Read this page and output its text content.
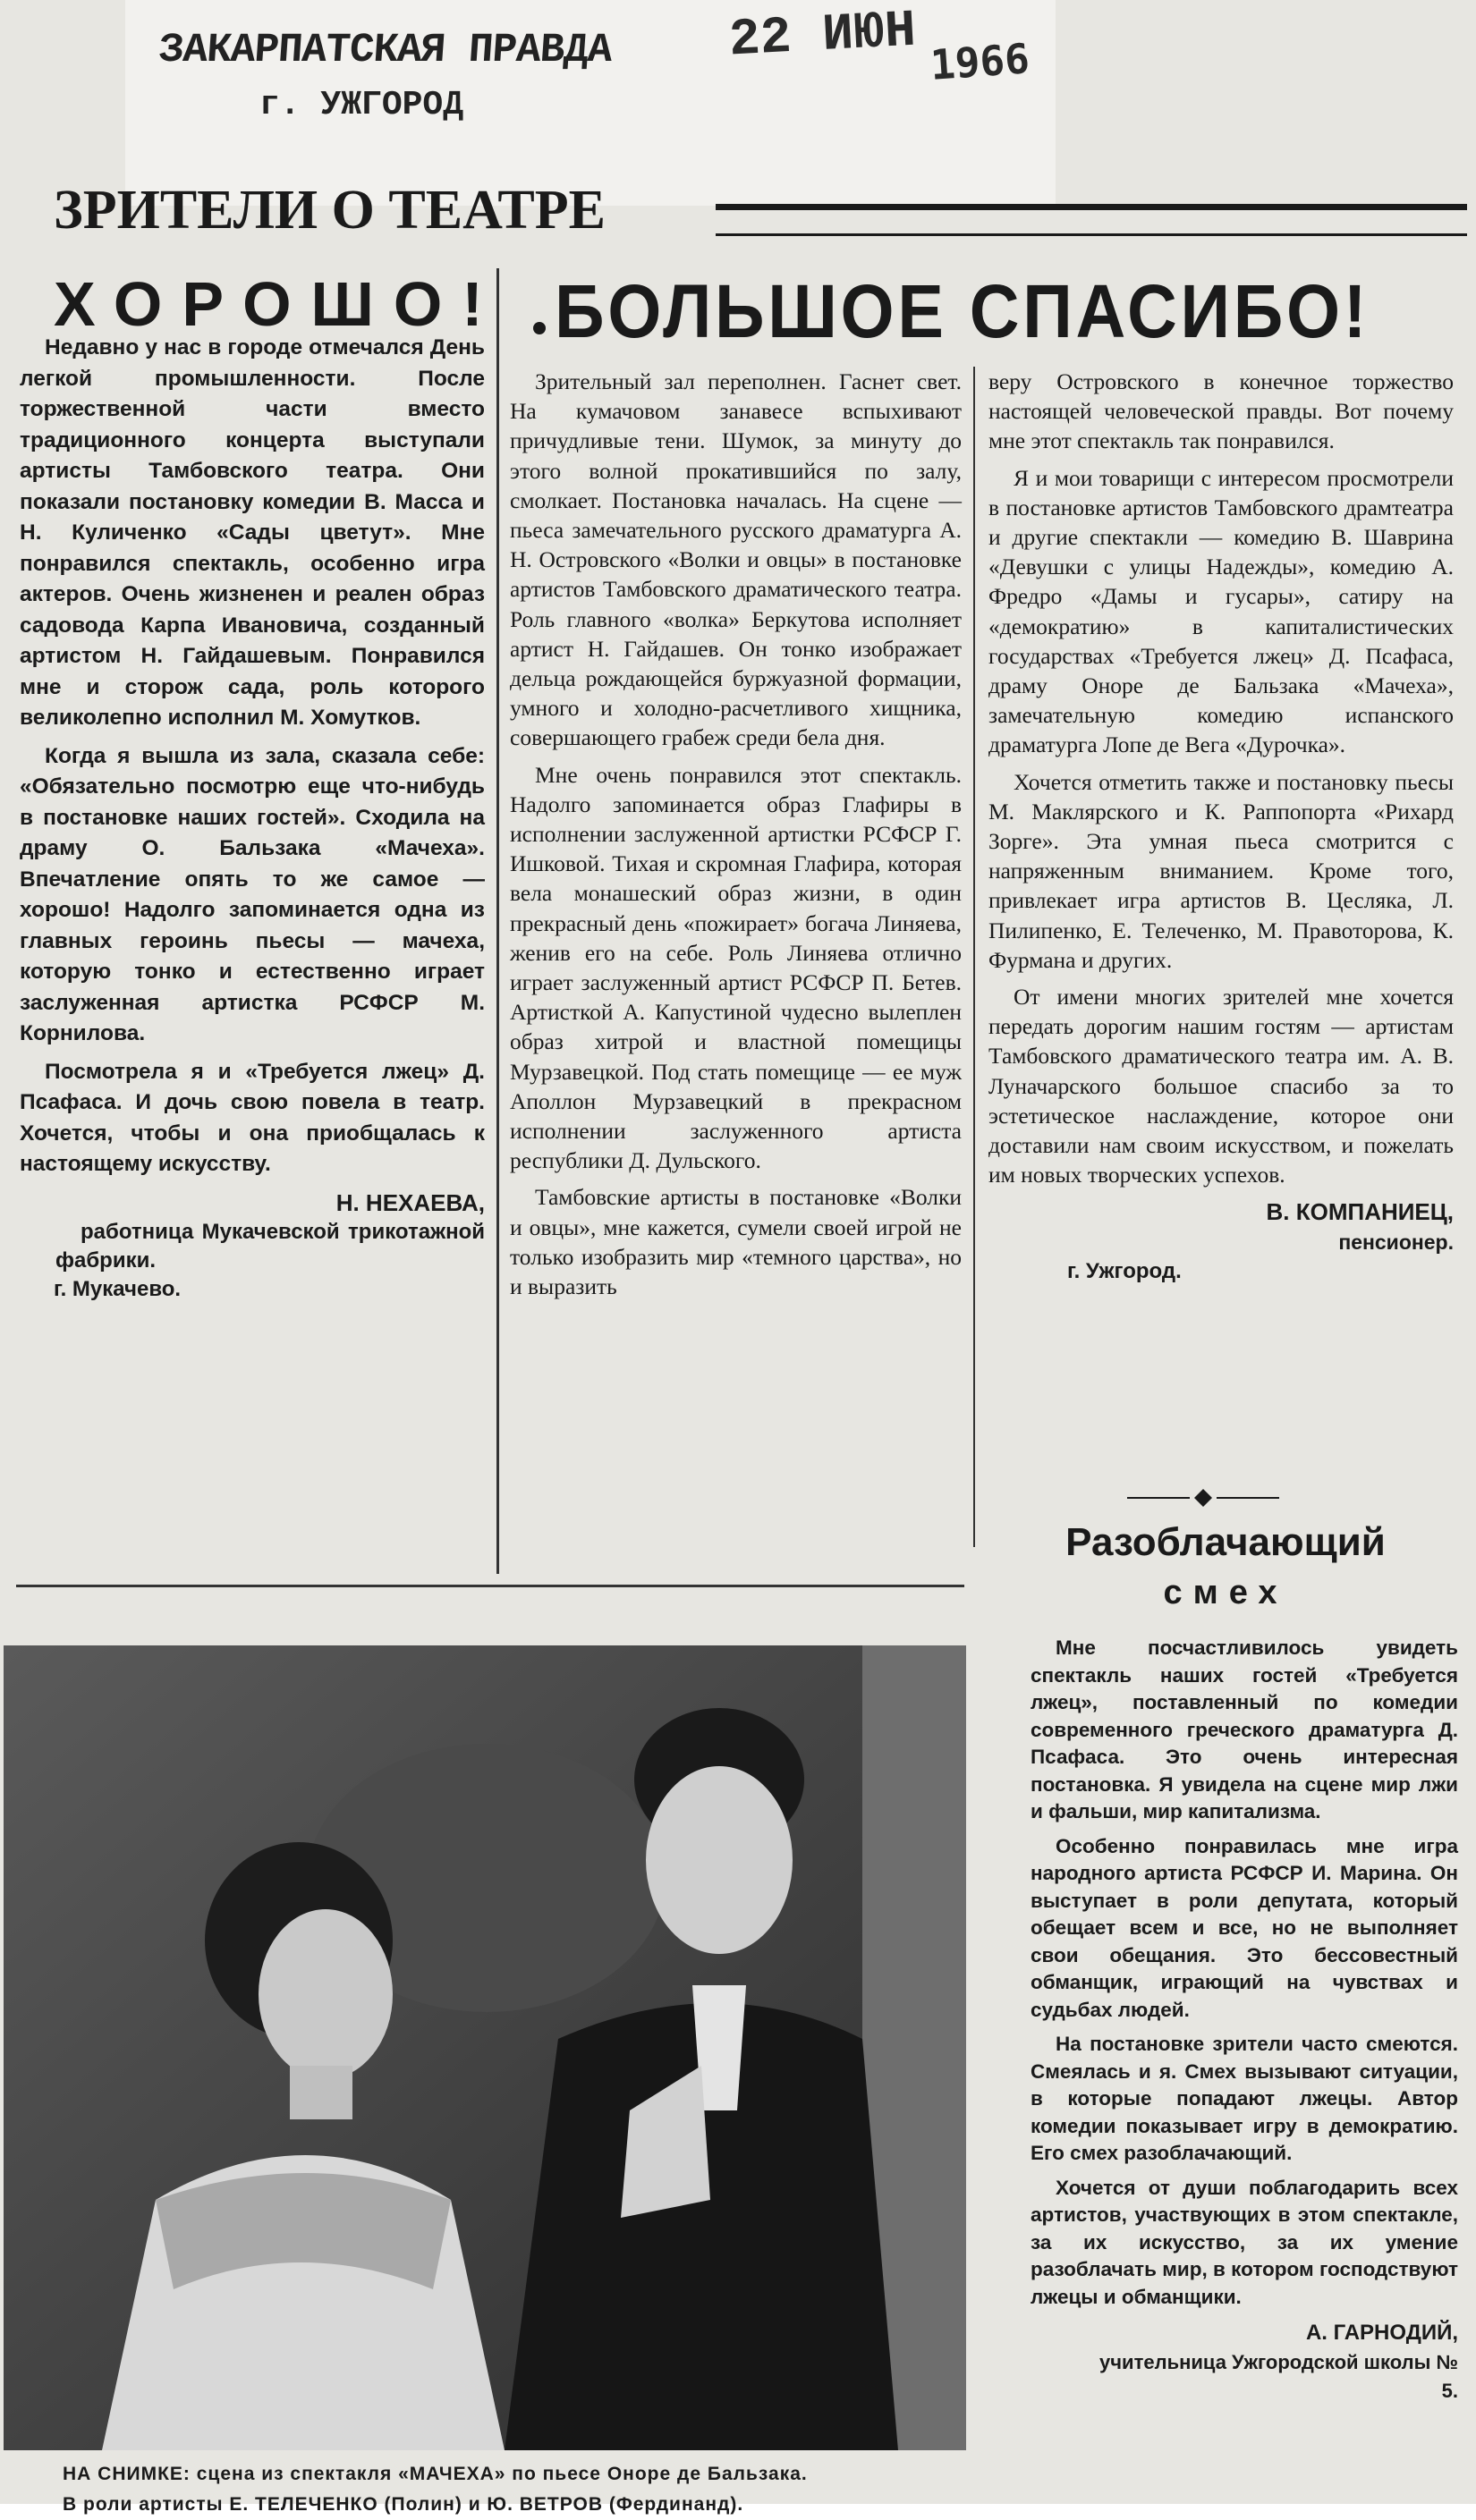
ЗАКАРПАТСКАЯ ПРАВДА
г. УЖГОРОД
22 ИЮН 1966
ЗРИТЕЛИ О ТЕАТРЕ
ХОРОШО!

Недавно у нас в городе отмечался День легкой промышленности. После торжественной части вместо традиционного концерта выступали артисты Тамбовского театра. Они показали постановку комедии В. Масса и Н. Куличенко «Сады цветут». Мне понравился спектакль, особенно игра актеров. Очень жизненен и реален образ садовода Карпа Ивановича, созданный артистом Н. Гайдашевым. Понравился мне и сторож сада, роль которого великолепно исполнил М. Хомутков.

Когда я вышла из зала, сказала себе: «Обязательно посмотрю еще что-нибудь в постановке наших гостей». Сходила на драму О. Бальзака «Мачеха». Впечатление опять то же самое — хорошо! Надолго запоминается одна из главных героинь пьесы — мачеха, которую тонко и естественно играет заслуженная артистка РСФСР М. Корнилова.

Посмотрела я и «Требуется лжец» Д. Псафаса. И дочь свою повела в театр. Хочется, чтобы и она приобщалась к настоящему искусству.

Н. НЕХАЕВА,

работница Мукачевской трикотажной фабрики.

г. Мукачево.

БОЛЬШОЕ СПАСИБО!

Зрительный зал переполнен. Гаснет свет. На кумачовом занавесе вспыхивают причудливые тени. Шумок, за минуту до этого волной прокатившийся по залу, смолкает. Постановка началась. На сцене — пьеса замечательного русского драматурга А. Н. Островского «Волки и овцы» в постановке артистов Тамбовского драматического театра. Роль главного «волка» Беркутова исполняет артист Н. Гайдашев. Он тонко изображает дельца рождающейся буржуазной формации, умного и холодно-расчетливого хищника, совершающего грабеж среди бела дня.

Мне очень понравился этот спектакль. Надолго запоминается образ Глафиры в исполнении заслуженной артистки РСФСР Г. Ишковой. Тихая и скромная Глафира, которая вела монашеский образ жизни, в один прекрасный день «пожирает» богача Линяева, женив его на себе. Роль Линяева отлично играет заслуженный артист РСФСР П. Бетев. Артисткой А. Капустиной чудесно вылеплен образ хитрой и властной помещицы Мурзавецкой. Под стать помещице — ее муж Аполлон Мурзавецкий в прекрасном исполнении заслуженного артиста республики Д. Дульского.

Тамбовские артисты в постановке «Волки и овцы», мне кажется, сумели своей игрой не только изобразить мир «темного царства», но и выразить

веру Островского в конечное торжество настоящей человеческой правды. Вот почему мне этот спектакль так понравился.

Я и мои товарищи с интересом просмотрели в постановке артистов Тамбовского драмтеатра и другие спектакли — комедию В. Шаврина «Девушки с улицы Надежды», комедию А. Фредро «Дамы и гусары», сатиру на «демократию» в капиталистических государствах «Требуется лжец» Д. Псафаса, драму Оноре де Бальзака «Мачеха», замечательную комедию испанского драматурга Лопе де Вега «Дурочка».

Хочется отметить также и постановку пьесы М. Маклярского и К. Раппопорта «Рихард Зорге». Эта умная пьеса смотрится с напряженным вниманием. Кроме того, привлекает игра артистов В. Цесляка, Л. Пилипенко, Е. Телеченко, М. Правоторова, К. Фурмана и других.

От имени многих зрителей мне хочется передать дорогим нашим гостям — артистам Тамбовского драматического театра им. А. В. Луначарского большое спасибо за то эстетическое наслаждение, которое они доставили нам своим искусством, и пожелать им новых творческих успехов.

В. КОМПАНИЕЦ,

пенсионер.

г. Ужгород.

Разоблачающий
смех

Мне посчастливилось увидеть спектакль наших гостей «Требуется лжец», поставленный по комедии современного греческого драматурга Д. Псафаса. Это очень интересная постановка. Я увидела на сцене мир лжи и фальши, мир капитализма.

Особенно понравилась мне игра народного артиста РСФСР И. Марина. Он выступает в роли депутата, который обещает всем и все, но не выполняет свои обещания. Это бессовестный обманщик, играющий на чувствах и судьбах людей.

На постановке зрители часто смеются. Смеялась и я. Смех вызывают ситуации, в которые попадают лжецы. Автор комедии показывает игру в демократию. Его смех разоблачающий.

Хочется от души поблагодарить всех артистов, участвующих в этом спектакле, за их искусство, за их умение разоблачать мир, в котором господствуют лжецы и обманщики.

А. ГАРНОДИЙ,

учительница Ужгородской школы № 5.

НА СНИМКЕ: сцена из спектакля «МАЧЕХА» по пьесе Оноре де Бальзака.
В роли артисты Е. ТЕЛЕЧЕНКО (Полин) и Ю. ВЕТРОВ (Фердинанд).
